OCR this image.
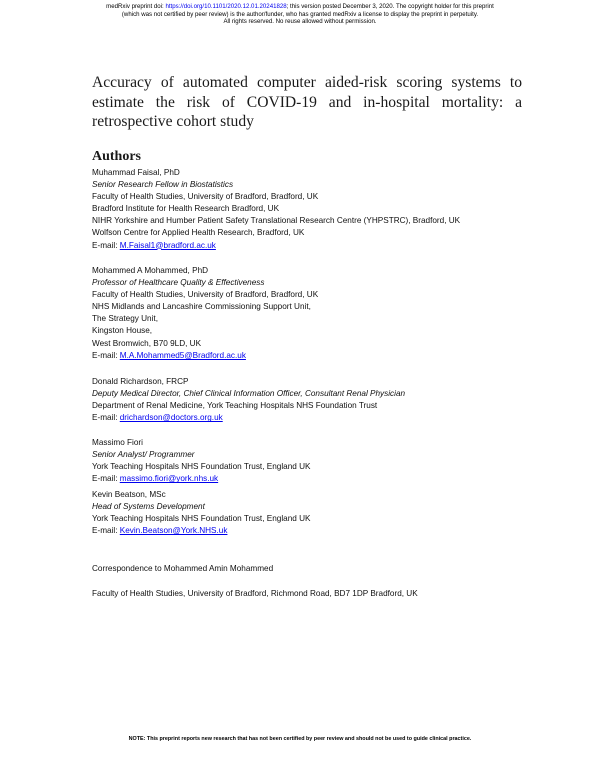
medRxiv preprint doi: https://doi.org/10.1101/2020.12.01.20241828; this version posted December 3, 2020. The copyright holder for this preprint
(which was not certified by peer review) is the author/funder, who has granted medRxiv a license to display the preprint in perpetuity.
All rights reserved. No reuse allowed without permission.
Accuracy of automated computer aided-risk scoring systems to estimate the risk of COVID-19 and in-hospital mortality: a retrospective cohort study
Authors
Muhammad Faisal, PhD
Senior Research Fellow in Biostatistics
Faculty of Health Studies, University of Bradford, Bradford, UK
Bradford Institute for Health Research Bradford, UK
NIHR Yorkshire and Humber Patient Safety Translational Research Centre (YHPSTRC), Bradford, UK
Wolfson Centre for Applied Health Research, Bradford, UK
E-mail: M.Faisal1@bradford.ac.uk
Mohammed A Mohammed, PhD
Professor of Healthcare Quality & Effectiveness
Faculty of Health Studies, University of Bradford, Bradford, UK
NHS Midlands and Lancashire Commissioning Support Unit,
The Strategy Unit,
Kingston House,
West Bromwich, B70 9LD, UK
E-mail: M.A.Mohammed5@Bradford.ac.uk
Donald Richardson, FRCP
Deputy Medical Director, Chief Clinical Information Officer, Consultant Renal Physician
Department of Renal Medicine, York Teaching Hospitals NHS Foundation Trust
E-mail: drichardson@doctors.org.uk
Massimo Fiori
Senior Analyst/ Programmer
York Teaching Hospitals NHS Foundation Trust, England UK
E-mail: massimo.fiori@york.nhs.uk
Kevin Beatson, MSc
Head of Systems Development
York Teaching Hospitals NHS Foundation Trust, England UK
E-mail: Kevin.Beatson@York.NHS.uk
Correspondence to Mohammed Amin Mohammed
Faculty of Health Studies, University of Bradford, Richmond Road, BD7 1DP Bradford, UK
NOTE: This preprint reports new research that has not been certified by peer review and should not be used to guide clinical practice.
